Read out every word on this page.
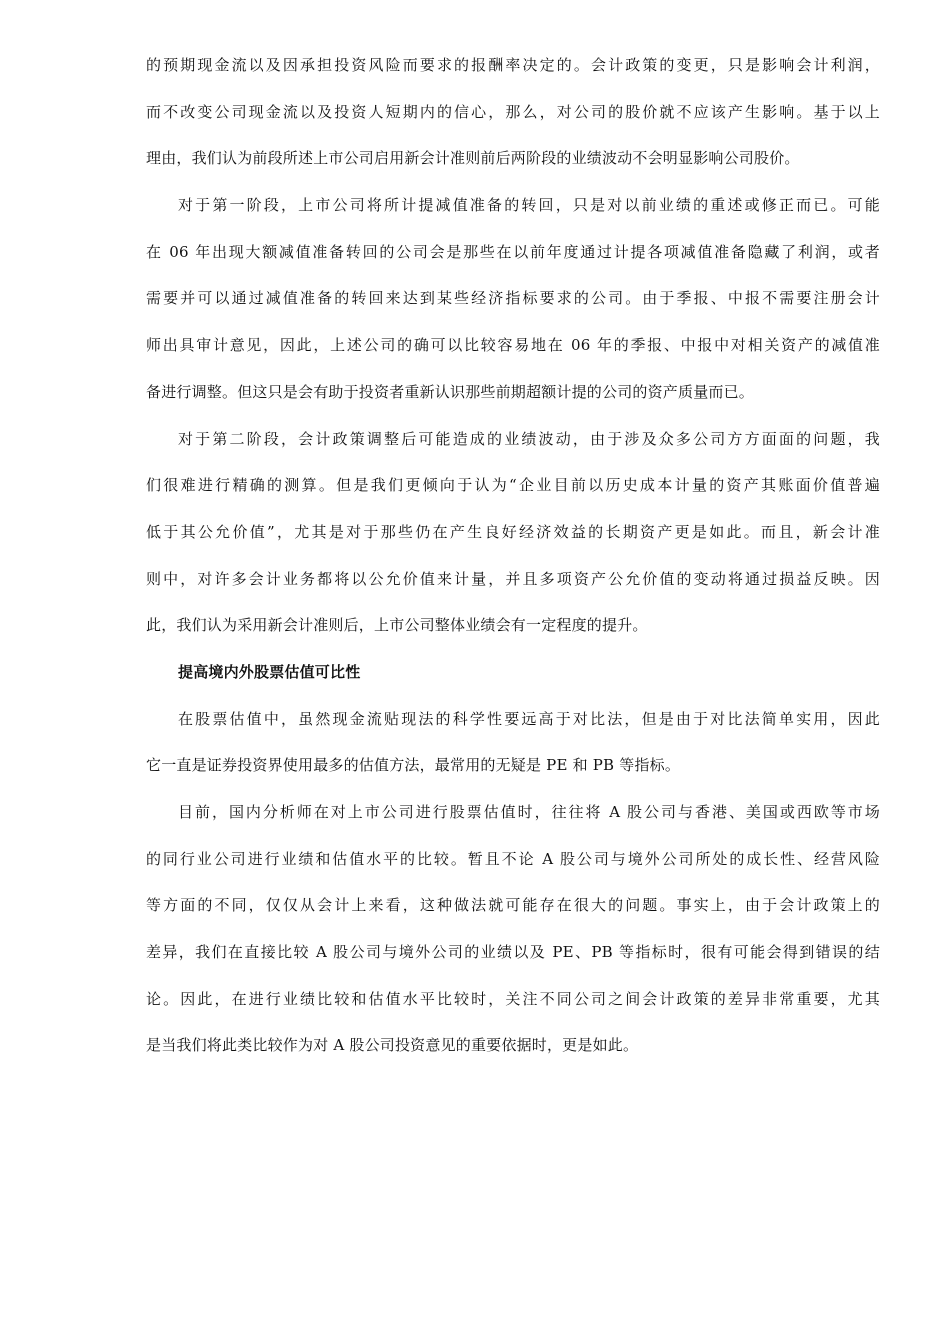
的预期现金流以及因承担投资风险而要求的报酬率决定的。会计政策的变更，只是影响会计利润，
而不改变公司现金流以及投资人短期内的信心，那么，对公司的股价就不应该产生影响。基于以上
理由，我们认为前段所述上市公司启用新会计准则前后两阶段的业绩波动不会明显影响公司股价。
对于第一阶段，上市公司将所计提减值准备的转回，只是对以前业绩的重述或修正而已。可能
在 06 年出现大额减值准备转回的公司会是那些在以前年度通过计提各项减值准备隐藏了利润，或者
需要并可以通过减值准备的转回来达到某些经济指标要求的公司。由于季报、中报不需要注册会计
师出具审计意见，因此，上述公司的确可以比较容易地在 06 年的季报、中报中对相关资产的减值准
备进行调整。但这只是会有助于投资者重新认识那些前期超额计提的公司的资产质量而已。
对于第二阶段，会计政策调整后可能造成的业绩波动，由于涉及众多公司方方面面的问题，我
们很难进行精确的测算。但是我们更倾向于认为“企业目前以历史成本计量的资产其账面价值普遍
低于其公允价值”，尤其是对于那些仍在产生良好经济效益的长期资产更是如此。而且，新会计准
则中，对许多会计业务都将以公允价值来计量，并且多项资产公允价值的变动将通过损益反映。因
此，我们认为采用新会计准则后，上市公司整体业绩会有一定程度的提升。
提高境内外股票估值可比性
在股票估值中，虽然现金流贴现法的科学性要远高于对比法，但是由于对比法简单实用，因此
它一直是证券投资界使用最多的估值方法，最常用的无疑是 PE 和 PB 等指标。
目前，国内分析师在对上市公司进行股票估值时，往往将 A 股公司与香港、美国或西欧等市场
的同行业公司进行业绩和估值水平的比较。暂且不论 A 股公司与境外公司所处的成长性、经营风险
等方面的不同，仅仅从会计上来看，这种做法就可能存在很大的问题。事实上，由于会计政策上的
差异，我们在直接比较 A 股公司与境外公司的业绩以及 PE、PB 等指标时，很有可能会得到错误的结
论。因此，在进行业绩比较和估值水平比较时，关注不同公司之间会计政策的差异非常重要，尤其
是当我们将此类比较作为对 A 股公司投资意见的重要依据时，更是如此。
